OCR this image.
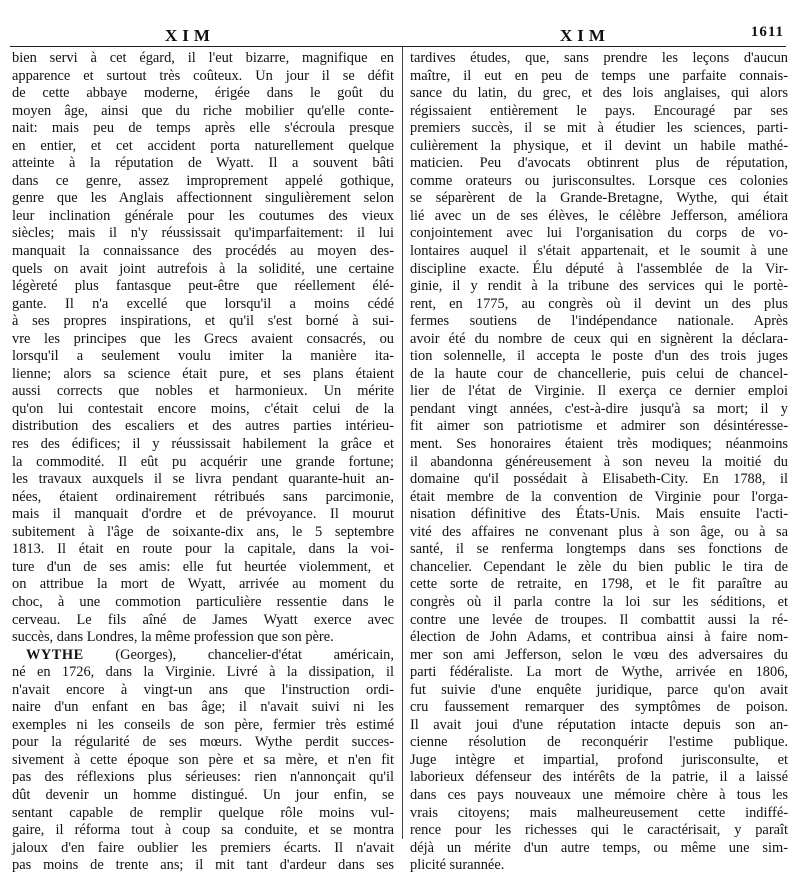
XIM	XIM	1611
bien servi à cet égard, il l'eut bizarre, magnifique en
apparence et surtout très coûteux. Un jour il se défit
de cette abbaye moderne, érigée dans le goût du
moyen âge, ainsi que du riche mobilier qu'elle conte-
nait: mais peu de temps après elle s'écroula presque
en entier, et cet accident porta naturellement quelque
atteinte à la réputation de Wyatt. Il a souvent bâti
dans ce genre, assez improprement appelé gothique,
genre que les Anglais affectionnent singulièrement selon
leur inclination générale pour les coutumes des vieux
siècles; mais il n'y réussissait qu'imparfaitement: il lui
manquait la connaissance des procédés au moyen des-
quels on avait joint autrefois à la solidité, une certaine
légèreté plus fantasque peut-être que réellement élé-
gante. Il n'a excellé que lorsqu'il a moins cédé
à ses propres inspirations, et qu'il s'est borné à sui-
vre les principes que les Grecs avaient consacrés, ou
lorsqu'il a seulement voulu imiter la manière ita-
lienne; alors sa science était pure, et ses plans étaient
aussi corrects que nobles et harmonieux. Un mérite
qu'on lui contestait encore moins, c'était celui de la
distribution des escaliers et des autres parties intérieu-
res des édifices; il y réussissait habilement la grâce et
la commodité. Il eût pu acquérir une grande fortune;
les travaux auxquels il se livra pendant quarante-huit an-
nées, étaient ordinairement rétribués sans parcimonie,
mais il manquait d'ordre et de prévoyance. Il mourut
subitement à l'âge de soixante-dix ans, le 5 septembre
1813. Il était en route pour la capitale, dans la voi-
ture d'un de ses amis: elle fut heurtée violemment, et
on attribue la mort de Wyatt, arrivée au moment du
choc, à une commotion particulière ressentie dans le
cerveau. Le fils aîné de James Wyatt exerce avec
succès, dans Londres, la même profession que son père.
WYTHE (Georges), chancelier-d'état américain,
né en 1726, dans la Virginie. Livré à la dissipation, il
n'avait encore à vingt-un ans que l'instruction ordi-
naire d'un enfant en bas âge; il n'avait suivi ni les
exemples ni les conseils de son père, fermier très estimé
pour la régularité de ses mœurs. Wythe perdit succes-
sivement à cette époque son père et sa mère, et n'en fit
pas des réflexions plus sérieuses: rien n'annonçait qu'il
dût devenir un homme distingué. Un jour enfin, se
sentant capable de remplir quelque rôle moins vul-
gaire, il réforma tout à coup sa conduite, et se montra
jaloux d'en faire oublier les premiers écarts. Il n'avait
pas moins de trente ans; il mit tant d'ardeur dans ses
tardives études, que, sans prendre les leçons d'aucun
maître, il eut en peu de temps une parfaite connais-
sance du latin, du grec, et des lois anglaises, qui alors
régissaient entièrement le pays. Encouragé par ses
premiers succès, il se mit à étudier les sciences, parti-
culièrement la physique, et il devint un habile mathé-
maticien. Peu d'avocats obtinrent plus de réputation,
comme orateurs ou jurisconsultes. Lorsque ces colonies
se séparèrent de la Grande-Bretagne, Wythe, qui était
lié avec un de ses élèves, le célèbre Jefferson, améliora
conjointement avec lui l'organisation du corps de vo-
lontaires auquel il s'était appartenait, et le soumit à une
discipline exacte. Élu député à l'assemblée de la Vir-
ginie, il y rendit à la tribune des services qui le portè-
rent, en 1775, au congrès où il devint un des plus
fermes soutiens de l'indépendance nationale. Après
avoir été du nombre de ceux qui en signèrent la déclara-
tion solennelle, il accepta le poste d'un des trois juges
de la haute cour de chancellerie, puis celui de chancel-
lier de l'état de Virginie. Il exerça ce dernier emploi
pendant vingt années, c'est-à-dire jusqu'à sa mort; il y
fit aimer son patriotisme et admirer son désintéresse-
ment. Ses honoraires étaient très modiques; néanmoins
il abandonna généreusement à son neveu la moitié du
domaine qu'il possédait à Elisabeth-City. En 1788, il
était membre de la convention de Virginie pour l'orga-
nisation définitive des États-Unis. Mais ensuite l'acti-
vité des affaires ne convenant plus à son âge, ou à sa
santé, il se renferma longtemps dans ses fonctions de
chancelier. Cependant le zèle du bien public le tira de
cette sorte de retraite, en 1798, et le fit paraître au
congrès où il parla contre la loi sur les séditions, et
contre une levée de troupes. Il combattit aussi la ré-
élection de John Adams, et contribua ainsi à faire nom-
mer son ami Jefferson, selon le vœu des adversaires du
parti fédéraliste. La mort de Wythe, arrivée en 1806,
fut suivie d'une enquête juridique, parce qu'on avait
cru faussement remarquer des symptômes de poison.
Il avait joui d'une réputation intacte depuis son an-
cienne résolution de reconquérir l'estime publique.
Juge intègre et impartial, profond jurisconsulte, et
laborieux défenseur des intérêts de la patrie, il a laissé
dans ces pays nouveaux une mémoire chère à tous les
vrais citoyens; mais malheureusement cette indiffé-
rence pour les richesses qui le caractérisait, y paraît
déjà un mérite d'un autre temps, ou même une sim-
plicité surannée.
